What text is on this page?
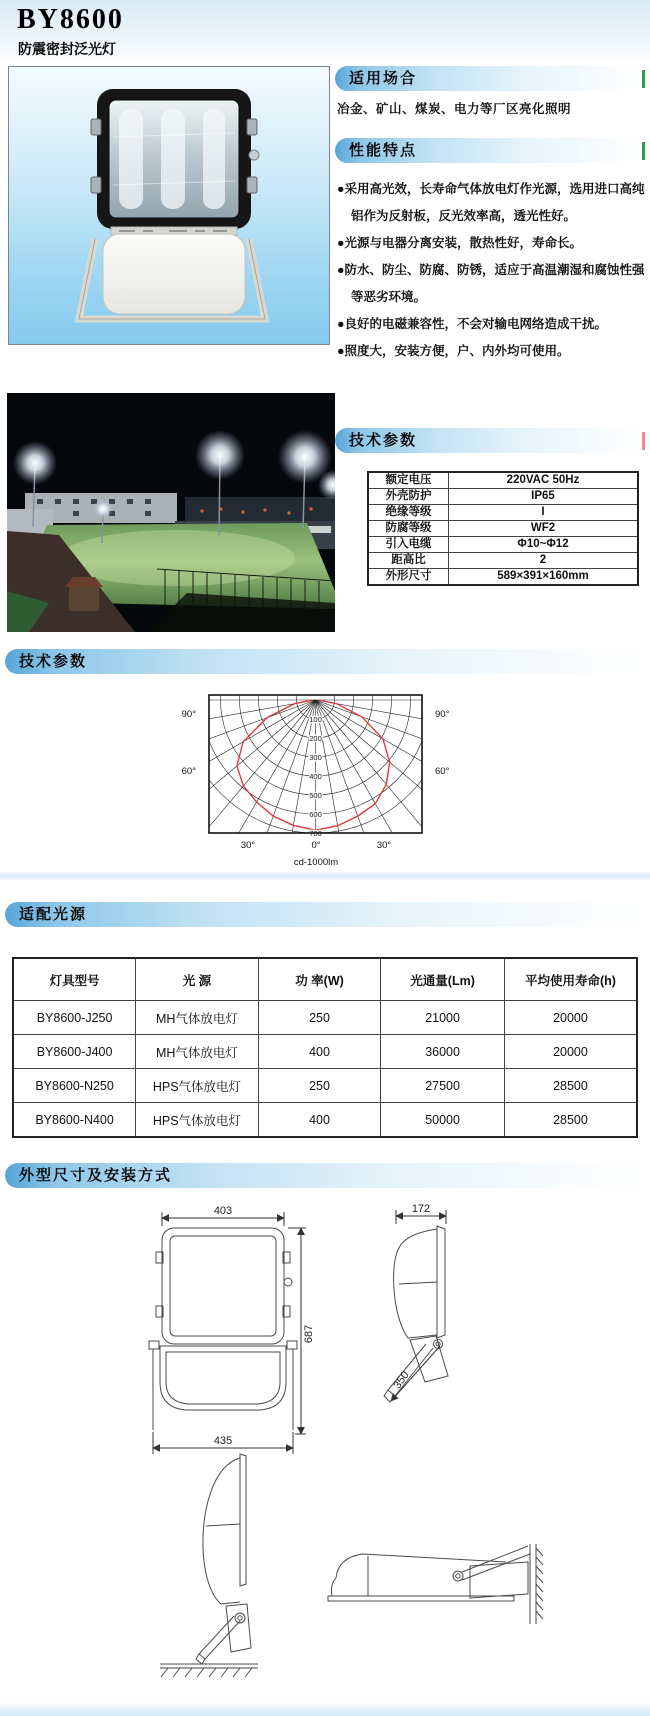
BY8600
防震密封泛光灯
适用场合
冶金、矿山、煤炭、电力等厂区亮化照明
性能特点
●采用高光效，长寿命气体放电灯作光源，选用进口高纯铝作为反射板，反光效率高，透光性好。
●光源与电器分离安装，散热性好，寿命长。
●防水、防尘、防腐、防锈，适应于高温潮湿和腐蚀性强等恶劣环境。
●良好的电磁兼容性，不会对输电网络造成干扰。
●照度大，安装方便，户、内外均可使用。
技术参数
额定电压	220VAC 50Hz
外壳防护	IP65
绝缘等级	I
防腐等级	WF2
引入电缆	Φ10~Φ12
距高比	2
外形尺寸	589×391×160mm
技术参数
100
200
300
400
500
600
700
90°	90°
60°	60°
30°	30°
0°
cd-1000lm
适配光源
灯具型号	光 源	功 率(W)	光通量(Lm)	平均使用寿命(h)
BY8600-J250	MH气体放电灯	250	21000	20000
BY8600-J400	MH气体放电灯	400	36000	20000
BY8600-N250	HPS气体放电灯	250	27500	28500
BY8600-N400	HPS气体放电灯	400	50000	28500
外型尺寸及安装方式
403
687
435
172
350
